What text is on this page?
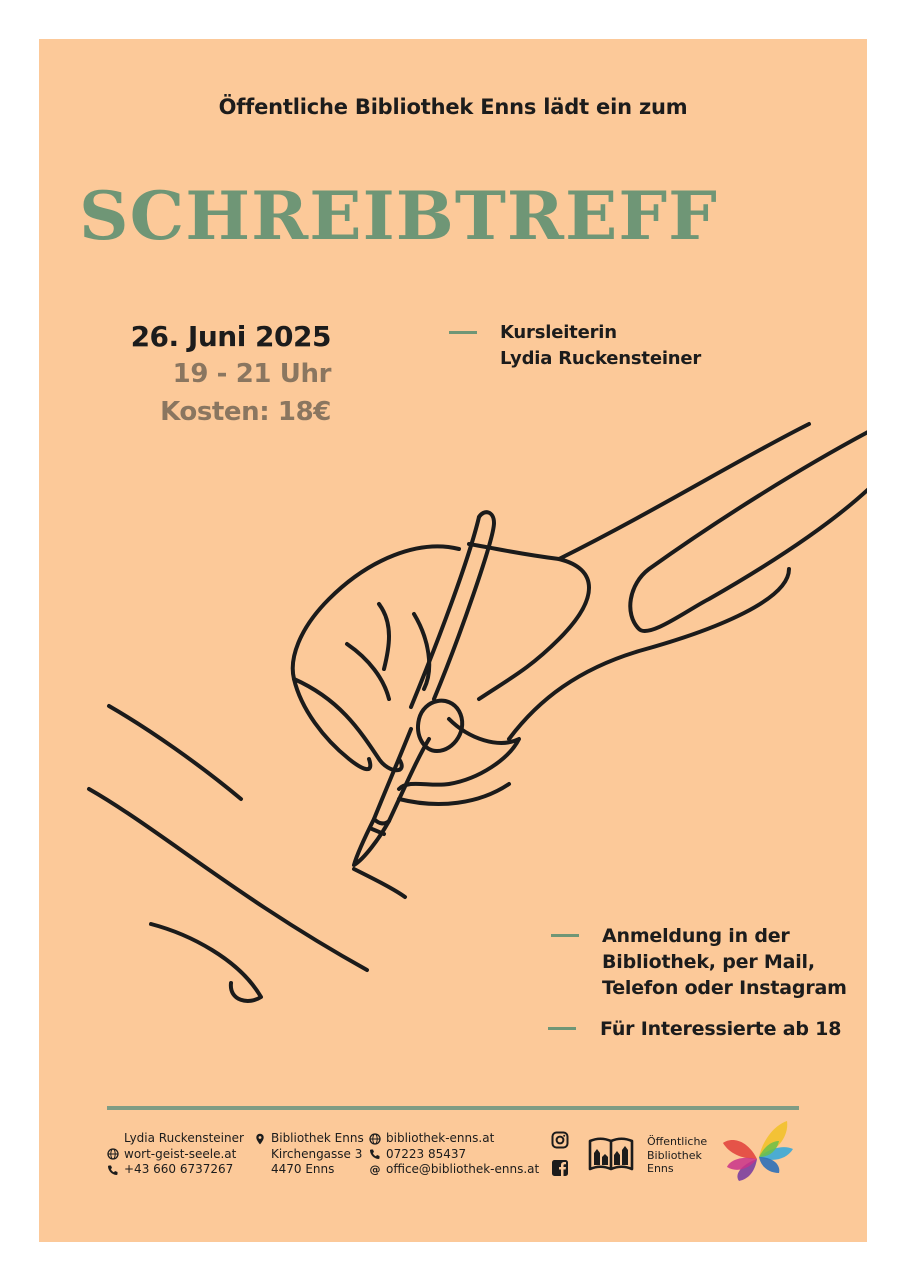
Öffentliche Bibliothek Enns lädt ein zum
SCHREIBTREFF
26. Juni 2025
19 - 21 Uhr
Kosten: 18€
Kursleiterin
Lydia Ruckensteiner
Anmeldung in der
Bibliothek, per Mail,
Telefon oder Instagram
Für Interessierte ab 18
Lydia Ruckensteiner
wort-geist-seele.at
+43 660 6737267
Bibliothek Enns
Kirchengasse 3
4470 Enns
bibliothek-enns.at
07223 85437
@ office@bibliothek-enns.at

Öffentliche
Bibliothek
Enns
